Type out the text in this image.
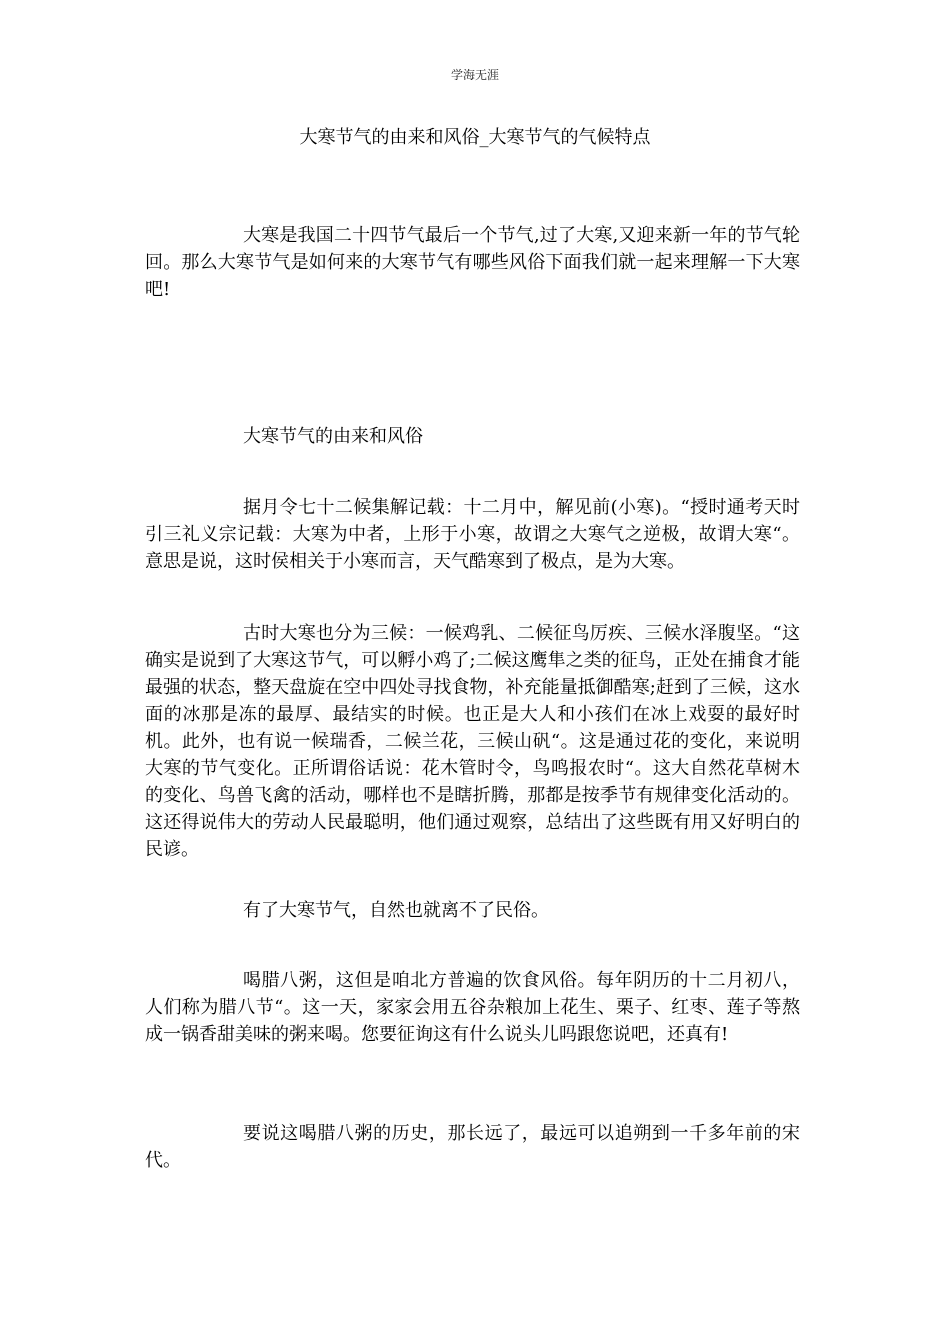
学海无涯
大寒节气的由来和风俗_大寒节气的气候特点

大寒是我国二十四节气最后一个节气,过了大寒,又迎来新一年的节气轮回。那么大寒节气是如何来的大寒节气有哪些风俗下面我们就一起来理解一下大寒吧!

大寒节气的由来和风俗

据月令七十二候集解记载：十二月中，解见前(小寒)。“授时通考天时引三礼义宗记载：大寒为中者，上形于小寒，故谓之大寒气之逆极，故谓大寒“。意思是说，这时侯相关于小寒而言，天气酷寒到了极点，是为大寒。

古时大寒也分为三候：一候鸡乳、二候征鸟厉疾、三候水泽腹坚。“这确实是说到了大寒这节气，可以孵小鸡了;二候这鹰隼之类的征鸟，正处在捕食才能最强的状态，整天盘旋在空中四处寻找食物，补充能量抵御酷寒;赶到了三候，这水面的冰那是冻的最厚、最结实的时候。也正是大人和小孩们在冰上戏耍的最好时机。此外，也有说一候瑞香，二候兰花，三候山矾“。这是通过花的变化，来说明大寒的节气变化。正所谓俗话说：花木管时令，鸟鸣报农时“。这大自然花草树木的变化、鸟兽飞禽的活动，哪样也不是瞎折腾，那都是按季节有规律变化活动的。这还得说伟大的劳动人民最聪明，他们通过观察，总结出了这些既有用又好明白的民谚。

有了大寒节气，自然也就离不了民俗。

喝腊八粥，这但是咱北方普遍的饮食风俗。每年阴历的十二月初八，人们称为腊八节“。这一天，家家会用五谷杂粮加上花生、栗子、红枣、莲子等熬成一锅香甜美味的粥来喝。您要征询这有什么说头儿吗跟您说吧，还真有!

要说这喝腊八粥的历史，那长远了，最远可以追朔到一千多年前的宋代。
